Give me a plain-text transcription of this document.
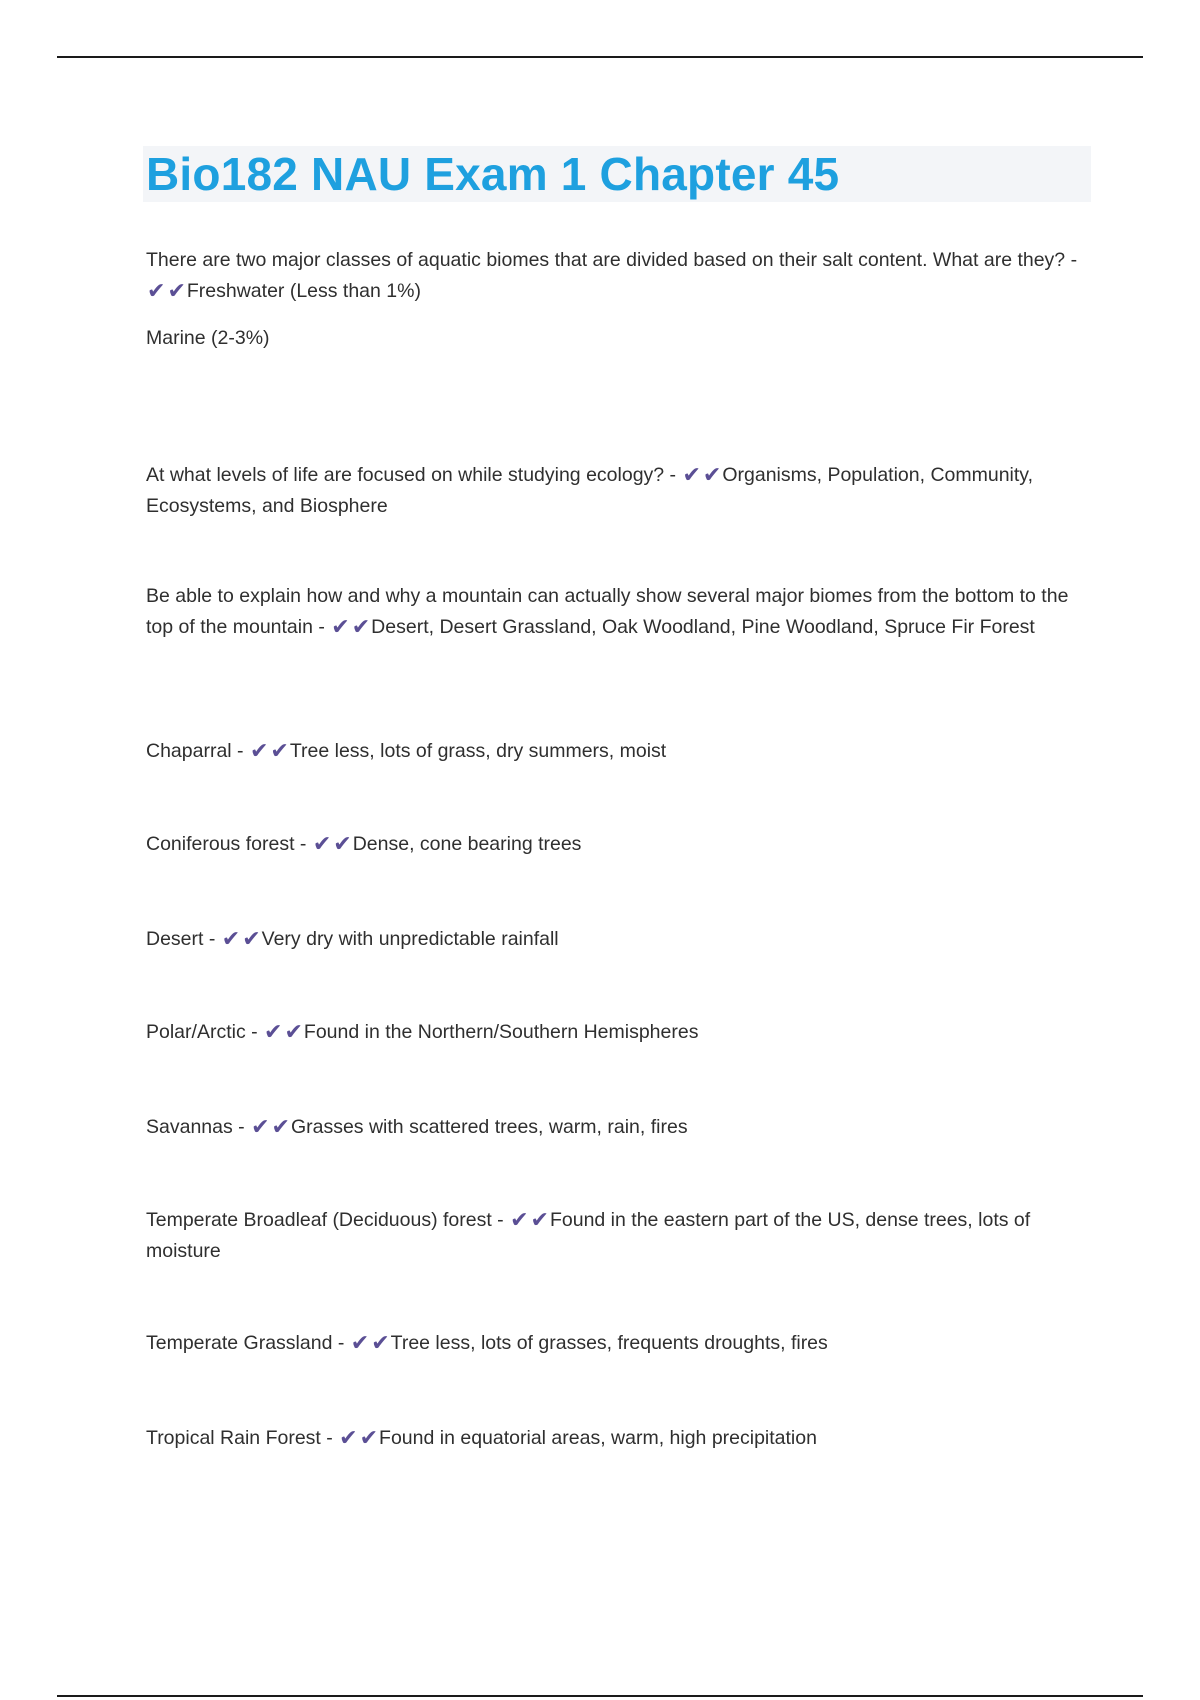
Bio182 NAU Exam 1 Chapter 45

There are two major classes of aquatic biomes that are divided based on their salt content. What are they? - ✔✔Freshwater (Less than 1%)

Marine (2-3%)

At what levels of life are focused on while studying ecology? - ✔✔Organisms, Population, Community, Ecosystems, and Biosphere

Be able to explain how and why a mountain can actually show several major biomes from the bottom to the top of the mountain - ✔✔Desert, Desert Grassland, Oak Woodland, Pine Woodland, Spruce Fir Forest

Chaparral - ✔✔Tree less, lots of grass, dry summers, moist

Coniferous forest - ✔✔Dense, cone bearing trees

Desert - ✔✔Very dry with unpredictable rainfall

Polar/Arctic - ✔✔Found in the Northern/Southern Hemispheres

Savannas - ✔✔Grasses with scattered trees, warm, rain, fires

Temperate Broadleaf (Deciduous) forest - ✔✔Found in the eastern part of the US, dense trees, lots of moisture

Temperate Grassland - ✔✔Tree less, lots of grasses, frequents droughts, fires

Tropical Rain Forest - ✔✔Found in equatorial areas, warm, high precipitation
